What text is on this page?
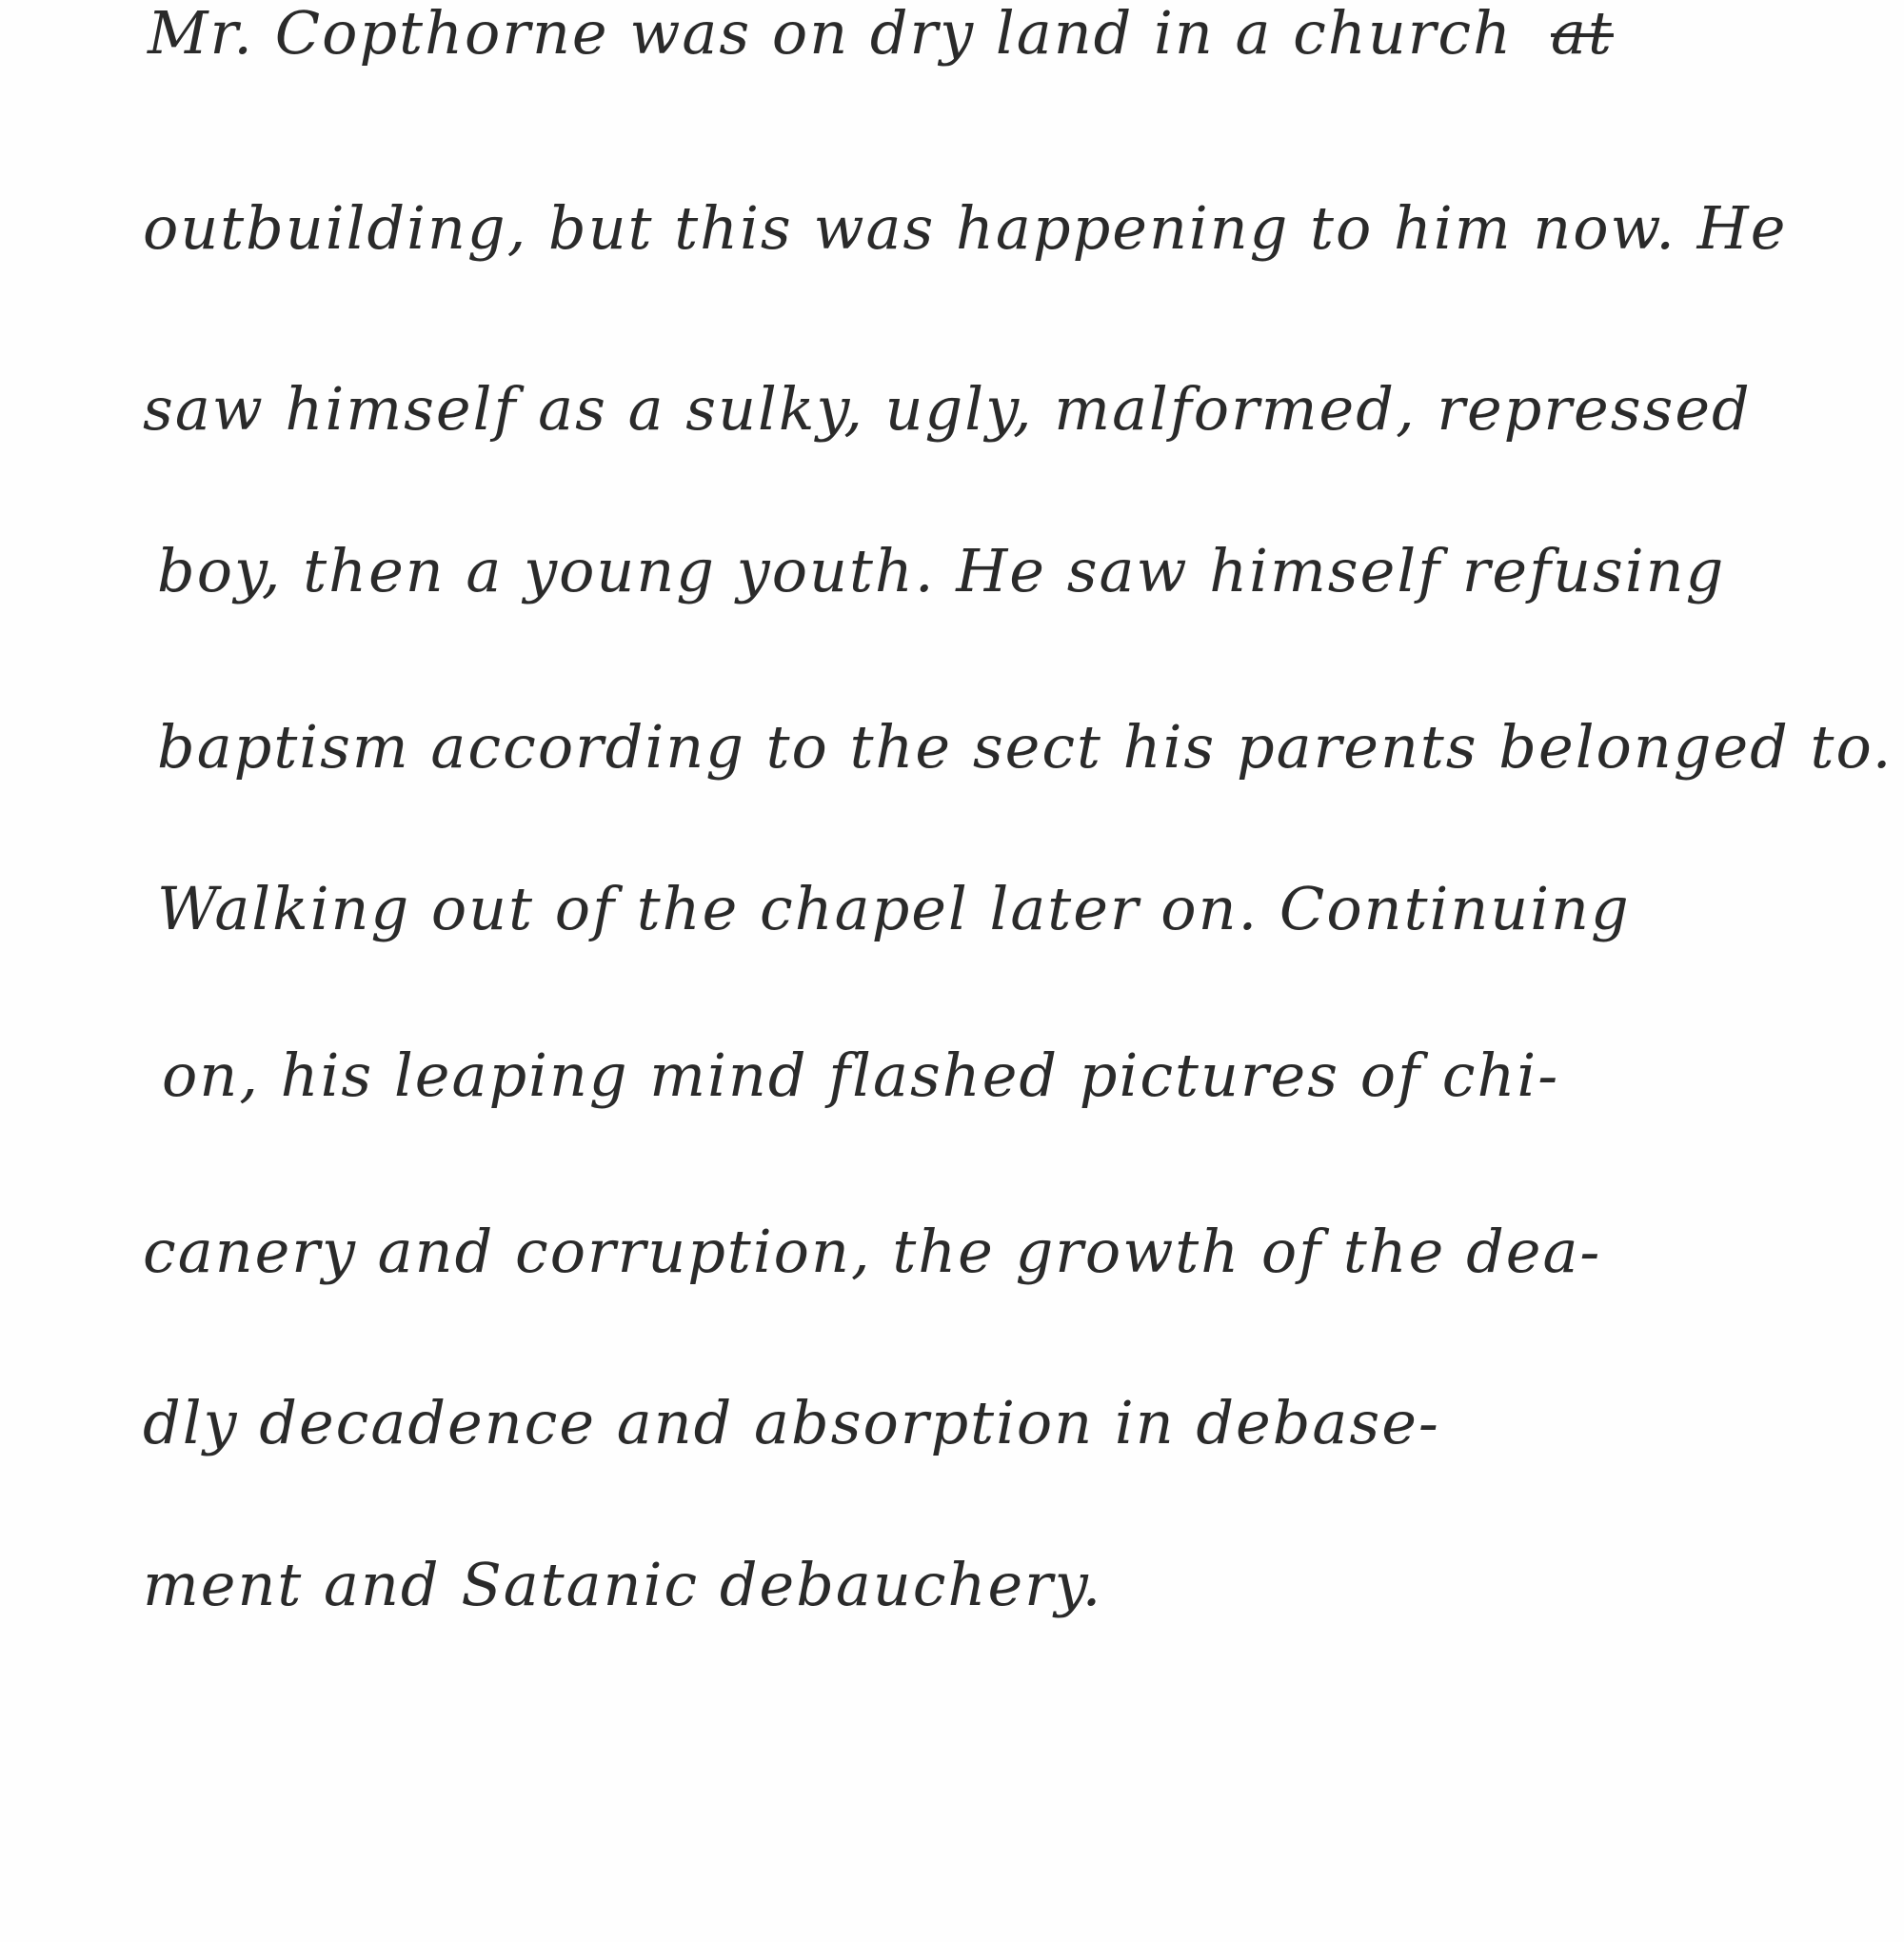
Mr. Copthorne was on dry land in a church at
outbuilding, but this was happening to him now. He
saw himself as a sulky, ugly, malformed, repressed
boy, then a young youth. He saw himself refusing
baptism according to the sect his parents belonged to.
Walking out of the chapel later on. Continuing
on, his leaping mind flashed pictures of chi-
canery and corruption, the growth of the dea-
dly decadence and absorption in debase-
ment and Satanic debauchery.
